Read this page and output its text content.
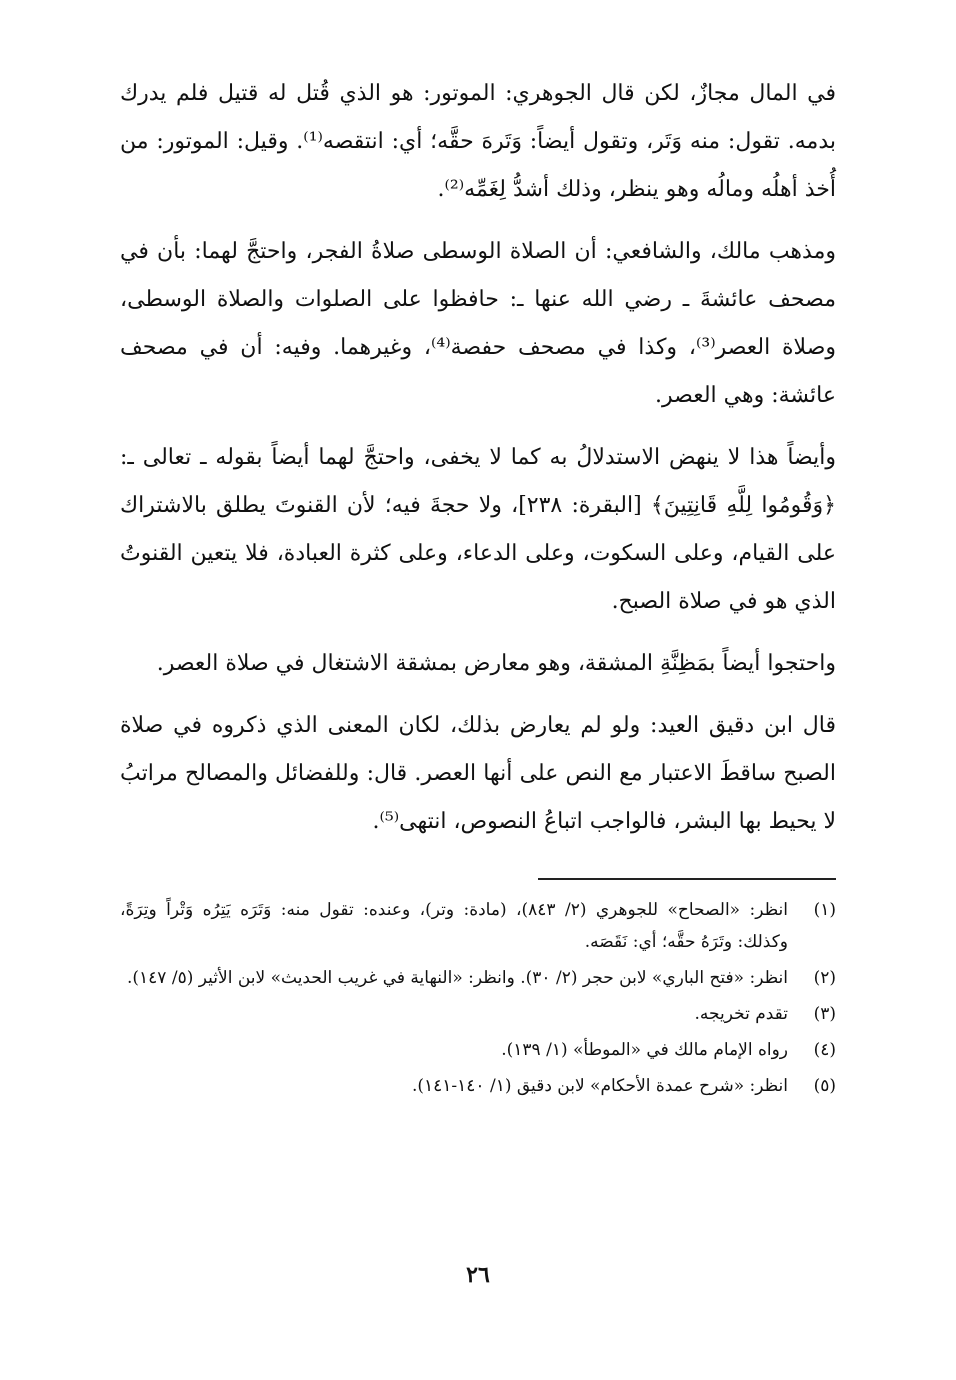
في المال مجازٌ، لكن قال الجوهري: الموتور: هو الذي قُتل له قتيل فلم يدرك بدمه. تقول: منه وَتَر، وتقول أيضاً: وَتَرهَ حقَّه؛ أي: انتقصه⁽¹⁾. وقيل: الموتور: من أُخذ أهلُه ومالُه وهو ينظر، وذلك أشدُّ لِغَمِّه⁽²⁾.

ومذهب مالك، والشافعي: أن الصلاة الوسطى صلاةُ الفجر، واحتجَّ لهما: بأن في مصحف عائشةَ ـ رضي الله عنها ـ: حافظوا على الصلوات والصلاة الوسطى، وصلاة العصر⁽³⁾، وكذا في مصحف حفصة⁽⁴⁾، وغيرهما. وفيه: أن في مصحف عائشة: وهي العصر.

وأيضاً هذا لا ينهض الاستدلالُ به كما لا يخفى، واحتجَّ لهما أيضاً بقوله ـ تعالى ـ: ﴿وَقُومُوا لِلَّهِ قَانِتِينَ﴾ [البقرة: ٢٣٨]، ولا حجةَ فيه؛ لأن القنوتَ يطلق بالاشتراك على القيام، وعلى السكوت، وعلى الدعاء، وعلى كثرة العبادة، فلا يتعين القنوتُ الذي هو في صلاة الصبح.

واحتجوا أيضاً بمَظِنَّةِ المشقة، وهو معارض بمشقة الاشتغال في صلاة العصر.

قال ابن دقيق العيد: ولو لم يعارض بذلك، لكان المعنى الذي ذكروه في صلاة الصبح ساقطَ الاعتبار مع النص على أنها العصر. قال: وللفضائل والمصالح مراتبُ لا يحيط بها البشر، فالواجب اتباعُ النصوص، انتهى⁽⁵⁾.

(١)
انظر: «الصحاح» للجوهري (٢/ ٨٤٣)، (مادة: وتر)، وعنده: تقول منه: وَتَرَه يَتِرُه وَتْراً وتِرَةً، وكذلك: وتَرَهُ حقَّه؛ أي: نَقَصَه.
(٢)
انظر: «فتح الباري» لابن حجر (٢/ ٣٠). وانظر: «النهاية في غريب الحديث» لابن الأثير (٥/ ١٤٧).
(٣)
تقدم تخريجه.
(٤)
رواه الإمام مالك في «الموطأ» (١/ ١٣٩).
(٥)
انظر: «شرح عمدة الأحكام» لابن دقيق (١/ ١٤٠-١٤١).
٢٦
